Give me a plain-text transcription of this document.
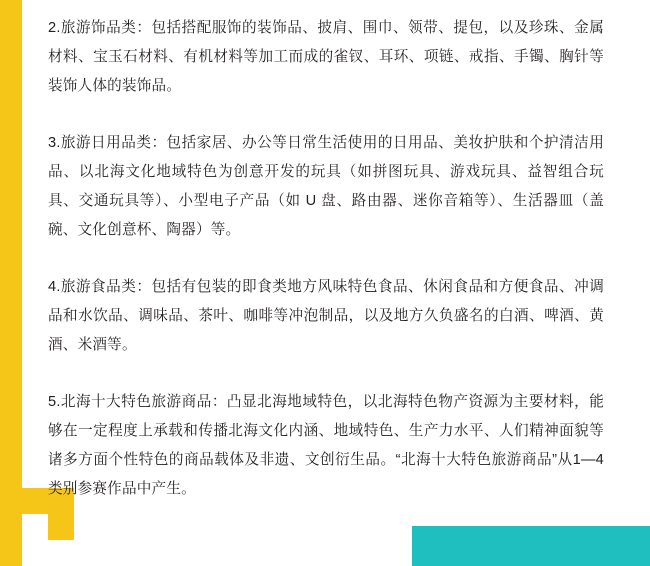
2.旅游饰品类：包括搭配服饰的装饰品、披肩、围巾、领带、提包，以及珍珠、金属材料、宝玉石材料、有机材料等加工而成的雀钗、耳环、项链、戒指、手镯、胸针等装饰人体的装饰品。

3.旅游日用品类：包括家居、办公等日常生活使用的日用品、美妆护肤和个护清洁用品、以北海文化地域特色为创意开发的玩具（如拼图玩具、游戏玩具、益智组合玩具、交通玩具等）、小型电子产品（如 U 盘、路由器、迷你音箱等）、生活器皿（盖碗、文化创意杯、陶器）等。

4.旅游食品类：包括有包装的即食类地方风味特色食品、休闲食品和方便食品、冲调品和水饮品、调味品、茶叶、咖啡等冲泡制品，以及地方久负盛名的白酒、啤酒、黄酒、米酒等。

5.北海十大特色旅游商品：凸显北海地域特色，以北海特色物产资源为主要材料，能够在一定程度上承载和传播北海文化内涵、地域特色、生产力水平、人们精神面貌等诸多方面个性特色的商品载体及非遗、文创衍生品。“北海十大特色旅游商品”从1—4类别参赛作品中产生。
